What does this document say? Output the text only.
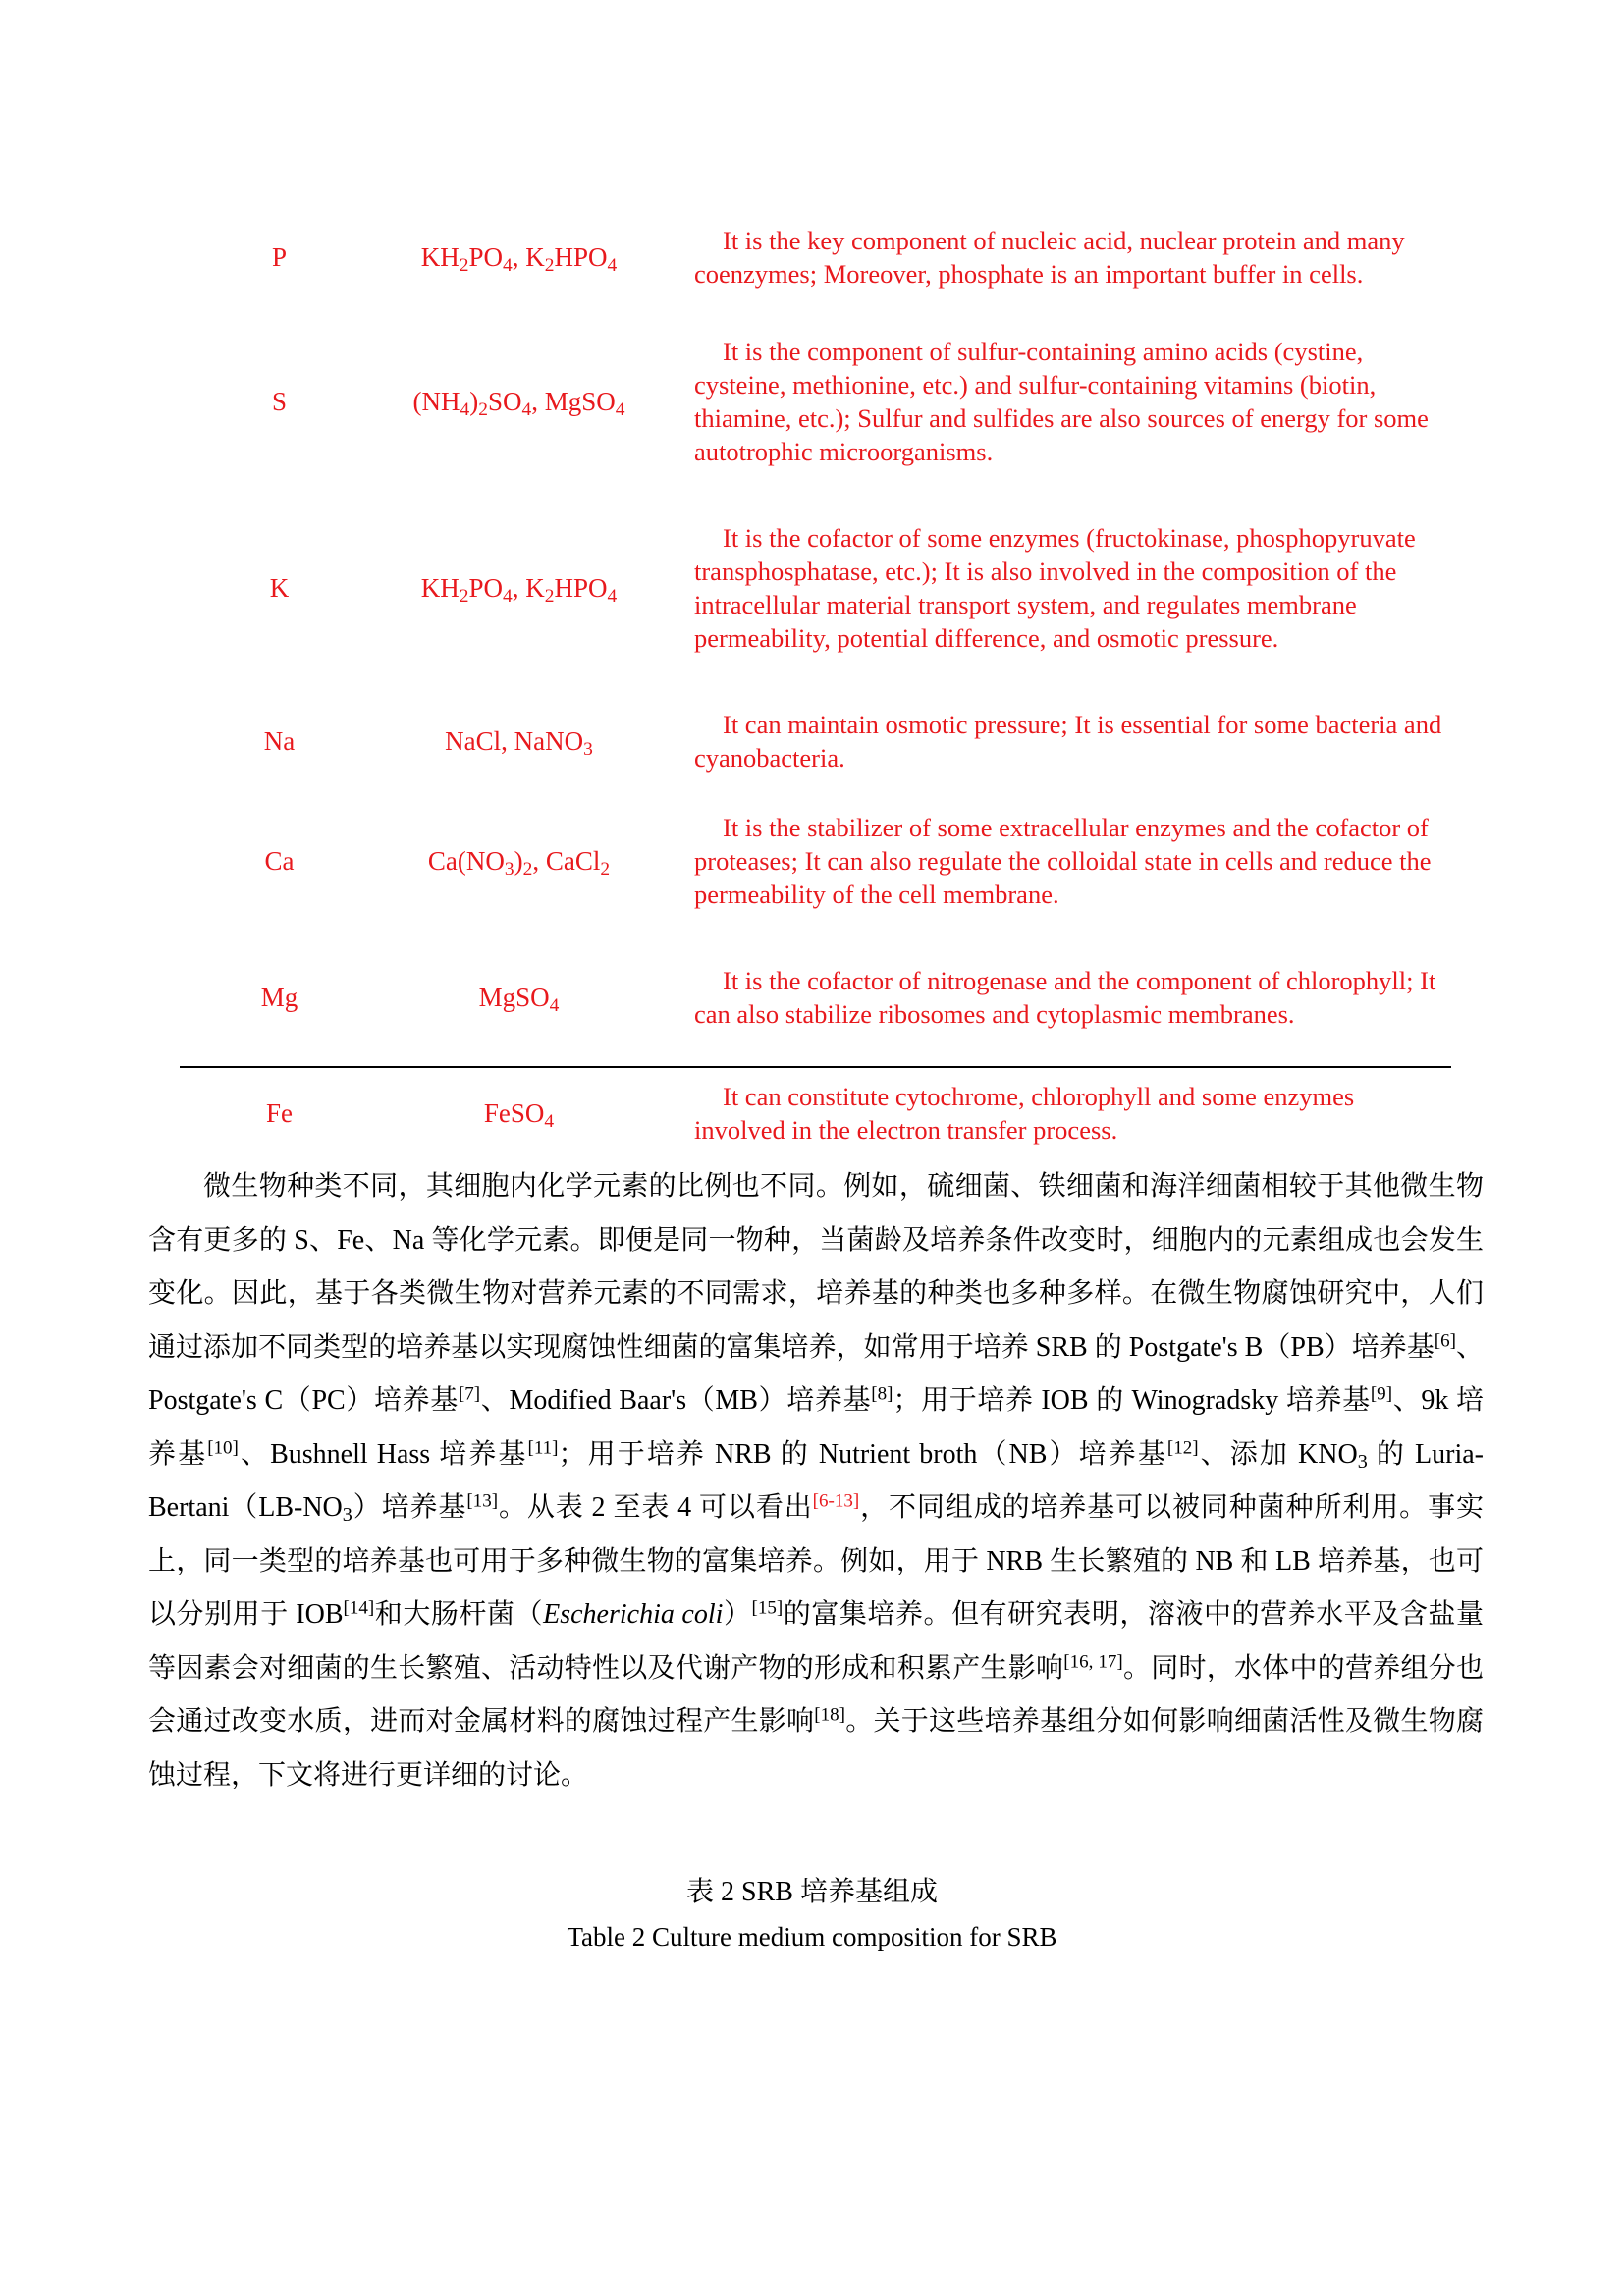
P	$KH_2PO_4$, $K_2HPO_4$
It is the key component of nucleic acid, nuclear protein and many coenzymes; Moreover, phosphate is an important buffer in cells.
S	$(NH_4)_2SO_4$, MgSO$_4$
It is the component of sulfur-containing amino acids (cystine, cysteine, methionine, etc.) and sulfur-containing vitamins (biotin, thiamine, etc.); Sulfur and sulfides are also sources of energy for some autotrophic microorganisms.
K	$KH_2PO_4$, $K_2HPO_4$
It is the cofactor of some enzymes (fructokinase, phosphopyruvate transphosphatase, etc.); It is also involved in the composition of the intracellular material transport system, and regulates membrane permeability, potential difference, and osmotic pressure.
Na	NaCl, NaNO$_3$
It can maintain osmotic pressure; It is essential for some bacteria and cyanobacteria.
Ca	$Ca(NO_3)_2$, CaCl$_2$
It is the stabilizer of some extracellular enzymes and the cofactor of proteases; It can also regulate the colloidal state in cells and reduce the permeability of the cell membrane.
Mg	MgSO$_4$
It is the cofactor of nitrogenase and the component of chlorophyll; It can also stabilize ribosomes and cytoplasmic membranes.
Fe	FeSO$_4$
It can constitute cytochrome, chlorophyll and some enzymes involved in the electron transfer process.

微生物种类不同，其细胞内化学元素的比例也不同。例如，硫细菌、铁细菌和海洋细菌相较于其他微生物含有更多的 S、Fe、Na 等化学元素。即便是同一物种，当菌龄及培养条件改变时，细胞内的元素组成也会发生变化。因此，基于各类微生物对营养元素的不同需求，培养基的种类也多种多样。在微生物腐蚀研究中，人们通过添加不同类型的培养基以实现腐蚀性细菌的富集培养，如常用于培养 SRB 的 Postgate's B（PB）培养基[6]、Postgate's C（PC）培养基[7]、Modified Baar's（MB）培养基[8]；用于培养 IOB 的 Winogradsky 培养基[9]、9k 培养基[10]、Bushnell Hass 培养基[11]；用于培养 NRB 的 Nutrient broth（NB）培养基[12]、添加 $KNO_3$ 的 Luria-$Bertani(LB-NO_3)$培养基[13]。从表 2 至表 4 可以看出[6-13]，不同组成的培养基可以被同种菌种所利用。事实上，同一类型的培养基也可用于多种微生物的富集培养。例如，用于 NRB 生长繁殖的 NB 和 LB 培养基，也可以分别用于 IOB[14]和大肠杆菌（Escherichia coli）[15]的富集培养。但有研究表明，溶液中的营养水平及含盐量等因素会对细菌的生长繁殖、活动特性以及代谢产物的形成和积累产生影响[16, 17]。同时，水体中的营养组分也会通过改变水质，进而对金属材料的腐蚀过程产生影响[18]。关于这些培养基组分如何影响细菌活性及微生物腐蚀过程，下文将进行更详细的讨论。

表 2 SRB 培养基组成
Table 2 Culture medium composition for SRB
